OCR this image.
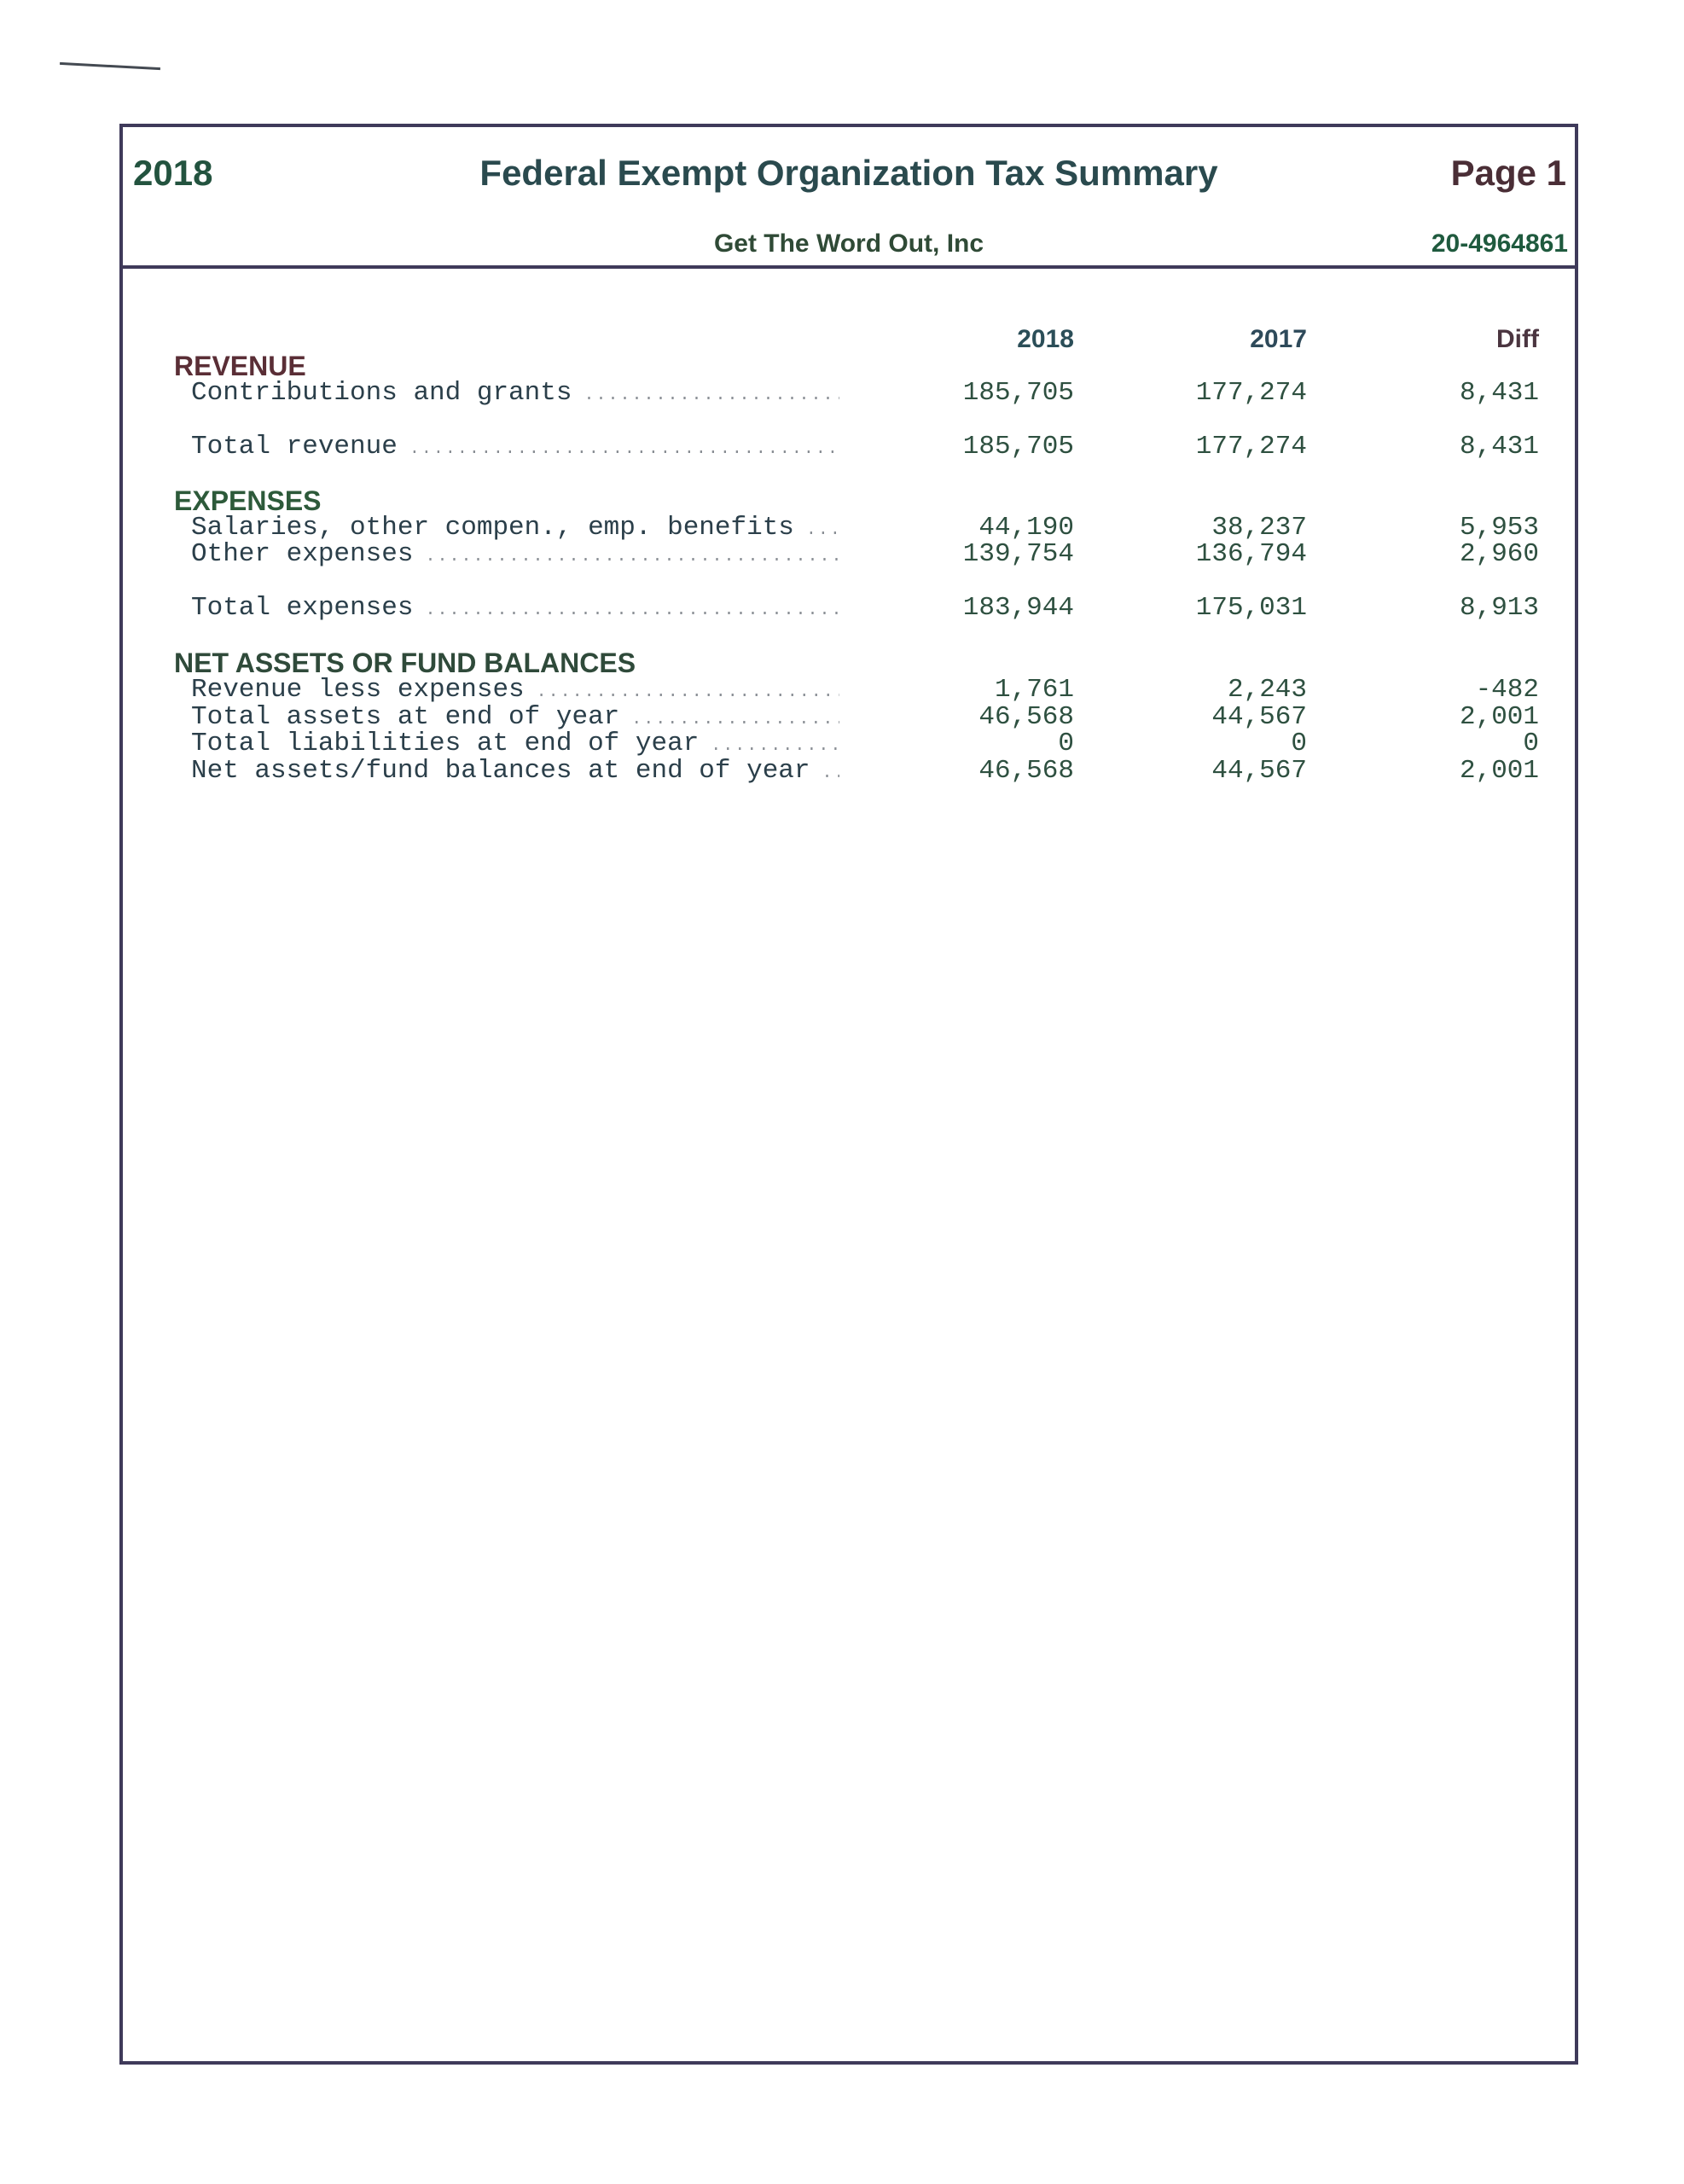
2018	Federal Exempt Organization Tax Summary	Page 1
Get The Word Out, Inc	20-4964861
2018	2017	Diff
REVENUE
Contributions and grants .....	185,705	177,274	8,431
Total revenue .....	185,705	177,274	8,431
EXPENSES
Salaries, other compen., emp. benefits .....	44,190	38,237	5,953
Other expenses .....	139,754	136,794	2,960
Total expenses .....	183,944	175,031	8,913
NET ASSETS OR FUND BALANCES
Revenue less expenses .....	1,761	2,243	-482
Total assets at end of year .....	46,568	44,567	2,001
Total liabilities at end of year .....	0	0	0
Net assets/fund balances at end of year .....	46,568	44,567	2,001
